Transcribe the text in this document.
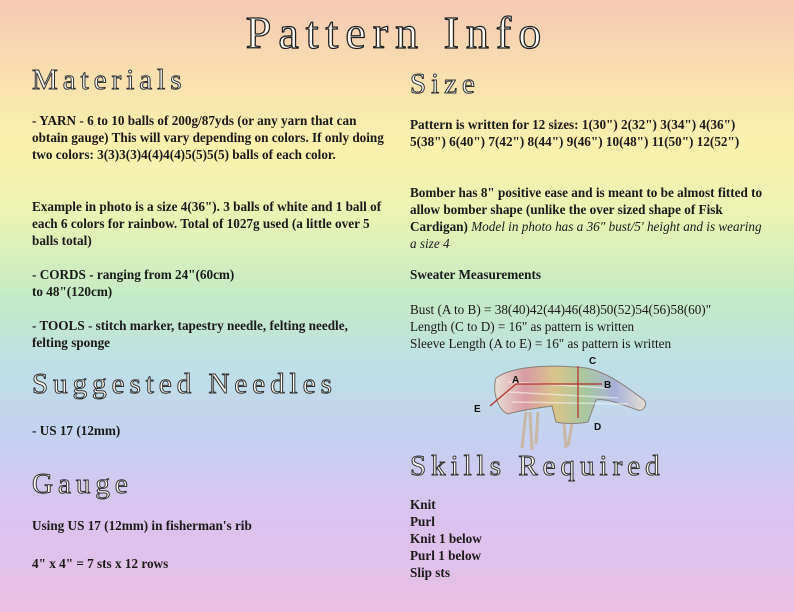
Pattern Info
Materials

- YARN - 6 to 10 balls of 200g/87yds (or any yarn that can obtain gauge) This will vary depending on colors. If only doing two colors: 3(3)3(3)4(4)4(4)5(5)5(5) balls of each color.

Example in photo is a size 4(36"). 3 balls of white and 1 ball of each 6 colors for rainbow. Total of 1027g used (a little over 5 balls total)

- CORDS - ranging from 24"(60cm)
to 48"(120cm)

- TOOLS - stitch marker, tapestry needle, felting needle, felting sponge

Suggested Needles

- US 17 (12mm)

Gauge

Using US 17 (12mm) in fisherman's rib

4" x 4" = 7 sts x 12 rows

Size

Pattern is written for 12 sizes: 1(30") 2(32") 3(34") 4(36") 5(38") 6(40") 7(42") 8(44") 9(46") 10(48") 11(50") 12(52")

Bomber has 8" positive ease and is meant to be almost fitted to allow bomber shape (unlike the over sized shape of Fisk Cardigan) Model in photo has a 36" bust/5' height and is wearing a size 4

Sweater Measurements

Bust (A to B) = 38(40)42(44)46(48)50(52)54(56)58(60)"
Length (C to D) = 16" as pattern is written
Sleeve Length (A to E) = 16" as pattern is written

A	B
C
D
E
Skills Required

Knit
Purl
Knit 1 below
Purl 1 below
Slip sts
